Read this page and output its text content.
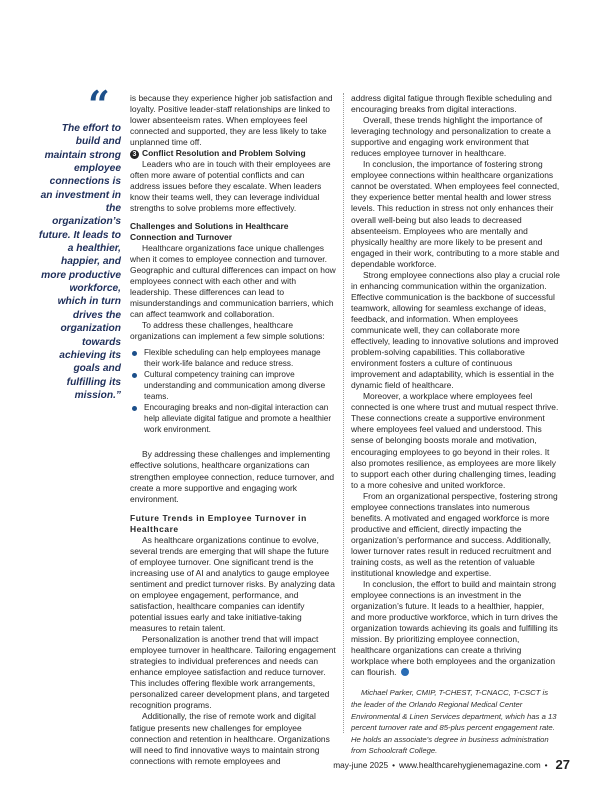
“
The effort to build and maintain strong employee connections is an investment in the organization’s future. It leads to a healthier, happier, and more productive workforce, which in turn drives the organization towards achieving its goals and fulfilling its mission.”

is because they experience higher job satisfaction and loyalty. Positive leader-staff relationships are linked to lower absenteeism rates. When employees feel connected and supported, they are less likely to take unplanned time off.

3 Conflict Resolution and Problem Solving

Leaders who are in touch with their employees are often more aware of potential conflicts and can address issues before they escalate. When leaders know their teams well, they can leverage individual strengths to solve problems more effectively.

Challenges and Solutions in Healthcare Connection and Turnover

Healthcare organizations face unique challenges when it comes to employee connection and turnover. Geographic and cultural differences can impact on how employees connect with each other and with leadership. These differences can lead to misunderstandings and communication barriers, which can affect teamwork and collaboration.

To address these challenges, healthcare organizations can implement a few simple solutions:

Flexible scheduling can help employees manage their work-life balance and reduce stress.
Cultural competency training can improve understanding and communication among diverse teams.
Encouraging breaks and non-digital interaction can help alleviate digital fatigue and promote a healthier work environment.

By addressing these challenges and implementing effective solutions, healthcare organizations can strengthen employee connection, reduce turnover, and create a more supportive and engaging work environment.

Future Trends in Employee Turnover in Healthcare

As healthcare organizations continue to evolve, several trends are emerging that will shape the future of employee turnover. One significant trend is the increasing use of AI and analytics to gauge employee sentiment and predict turnover risks. By analyzing data on employee engagement, performance, and satisfaction, healthcare companies can identify potential issues early and take initiative-taking measures to retain talent.

Personalization is another trend that will impact employee turnover in healthcare. Tailoring engagement strategies to individual preferences and needs can enhance employee satisfaction and reduce turnover. This includes offering flexible work arrangements, personalized career development plans, and targeted recognition programs.

Additionally, the rise of remote work and digital fatigue presents new challenges for employee connection and retention in healthcare. Organizations will need to find innovative ways to maintain strong connections with remote employees and

address digital fatigue through flexible scheduling and encouraging breaks from digital interactions.

Overall, these trends highlight the importance of leveraging technology and personalization to create a supportive and engaging work environment that reduces employee turnover in healthcare.

In conclusion, the importance of fostering strong employee connections within healthcare organizations cannot be overstated. When employees feel connected, they experience better mental health and lower stress levels. This reduction in stress not only enhances their overall well-being but also leads to decreased absenteeism. Employees who are mentally and physically healthy are more likely to be present and engaged in their work, contributing to a more stable and dependable workforce.

Strong employee connections also play a crucial role in enhancing communication within the organization. Effective communication is the backbone of successful teamwork, allowing for seamless exchange of ideas, feedback, and information. When employees communicate well, they can collaborate more effectively, leading to innovative solutions and improved problem-solving capabilities. This collaborative environment fosters a culture of continuous improvement and adaptability, which is essential in the dynamic field of healthcare.

Moreover, a workplace where employees feel connected is one where trust and mutual respect thrive. These connections create a supportive environment where employees feel valued and understood. This sense of belonging boosts morale and motivation, encouraging employees to go beyond in their roles. It also promotes resilience, as employees are more likely to support each other during challenging times, leading to a more cohesive and united workforce.

From an organizational perspective, fostering strong employee connections translates into numerous benefits. A motivated and engaged workforce is more productive and efficient, directly impacting the organization’s performance and success. Additionally, lower turnover rates result in reduced recruitment and training costs, as well as the retention of valuable institutional knowledge and expertise.

In conclusion, the effort to build and maintain strong employee connections is an investment in the organization’s future. It leads to a healthier, happier, and more productive workforce, which in turn drives the organization towards achieving its goals and fulfilling its mission. By prioritizing employee connection, healthcare organizations can create a thriving workplace where both employees and the organization can flourish.

Michael Parker, CMIP, T-CHEST, T-CNACC, T-CSCT is the leader of the Orlando Regional Medical Center Environmental & Linen Services department, which has a 13 percent turnover rate and 85-plus percent engagement rate. He holds an associate’s degree in business administration from Schoolcraft College.

may-june 2025 • www.healthcarehygienemagazine.com • 27
